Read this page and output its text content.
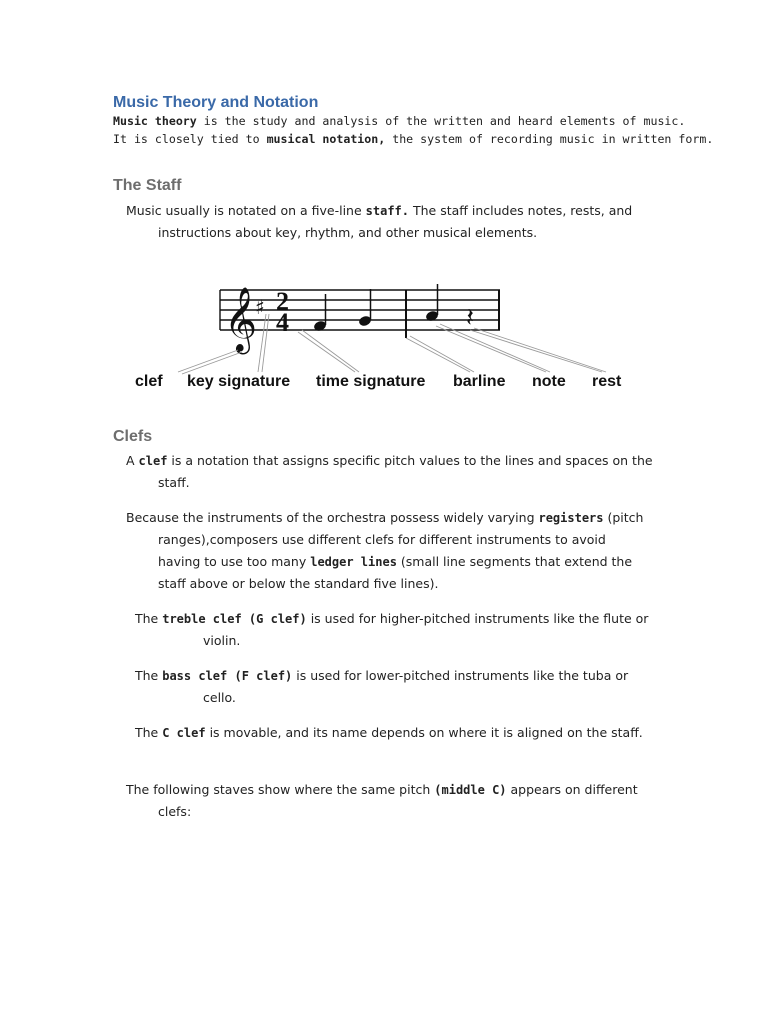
Music Theory and Notation

Music theory is the study and analysis of the written and heard elements of music.

It is closely tied to musical notation, the system of recording music in written form.

The Staff
Music usually is notated on a five-line staff. The staff includes notes, rests, and
instructions about key, rhythm, and other musical elements.
𝄞
♯ 2
4	𝄽
clef key signature time signature barline note rest
Clefs
A clef is a notation that assigns specific pitch values to the lines and spaces on the
staff.
Because the instruments of the orchestra possess widely varying registers (pitch
ranges),composers use different clefs for different instruments to avoid
having to use too many ledger lines (small line segments that extend the
staff above or below the standard five lines).
The treble clef (G clef) is used for higher-pitched instruments like the flute or
violin.
The bass clef (F clef) is used for lower-pitched instruments like the tuba or
cello.
The C clef is movable, and its name depends on where it is aligned on the staff.
The following staves show where the same pitch (middle C) appears on different
clefs:
